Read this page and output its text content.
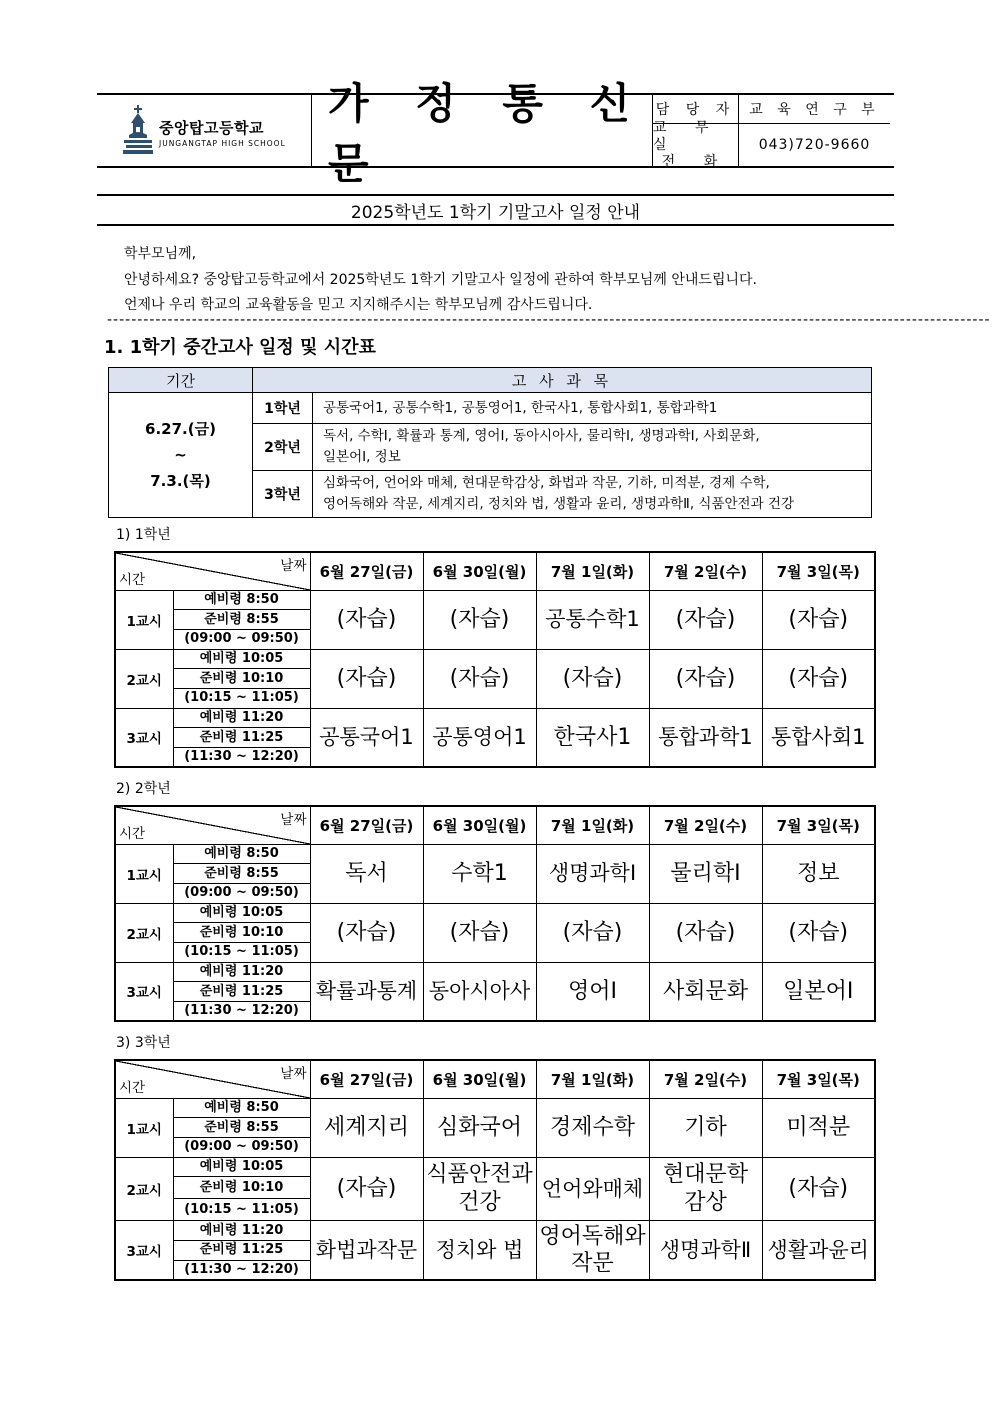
중앙탑고등학교
JUNGANGTAP HIGH SCHOOL
가 정 통 신 문
담 당 자	교 육 연 구 부
교 무 실
전 화
043)720-9660
2025학년도 1학기 기말고사 일정 안내
학부모님께,
안녕하세요? 중앙탑고등학교에서 2025학년도 1학기 기말고사 일정에 관하여 학부모님께 안내드립니다.
언제나 우리 학교의 교육활동을 믿고 지지해주시는 학부모님께 감사드립니다.
--------------------------------------------------------------------------------------------------------------------------------------------------
1. 1학기 중간고사 일정 및 시간표
기간	고 사 과 목	

6.27.(금)
~
7.3.(목)	1학년	공통국어1, 공통수학1, 공통영어1, 한국사1, 통합사회1, 통합과학1

	2학년	독서, 수학Ⅰ, 확률과 통계, 영어Ⅰ, 동아시아사, 물리학Ⅰ, 생명과학Ⅰ, 사회문화,
일본어Ⅰ, 정보

	3학년	심화국어, 언어와 매체, 현대문학감상, 화법과 작문, 기하, 미적분, 경제 수학,
영어독해와 작문, 세계지리, 정치와 법, 생활과 윤리, 생명과학Ⅱ, 식품안전과 건강
1) 1학년
날짜
시간		6월 27일(금)	6월 30일(월)	7월 1일(화)	7월 2일(수)	7월 3일(목)
1교시	예비령 8:50	(자습)	(자습)	공통수학1	(자습)	(자습)
	준비령 8:55					
	(09:00 ~ 09:50)					
2교시	예비령 10:05	(자습)	(자습)	(자습)	(자습)	(자습)
	준비령 10:10					
	(10:15 ~ 11:05)					
3교시	예비령 11:20	공통국어1	공통영어1	한국사1	통합과학1	통합사회1
	준비령 11:25					
	(11:30 ~ 12:20)					
2) 2학년
날짜
시간		6월 27일(금)	6월 30일(월)	7월 1일(화)	7월 2일(수)	7월 3일(목)
1교시	예비령 8:50	독서	수학1	생명과학Ⅰ	물리학Ⅰ	정보
	준비령 8:55					
	(09:00 ~ 09:50)					
2교시	예비령 10:05	(자습)	(자습)	(자습)	(자습)	(자습)
	준비령 10:10					
	(10:15 ~ 11:05)					
3교시	예비령 11:20	확률과통계	동아시아사	영어Ⅰ	사회문화	일본어Ⅰ
	준비령 11:25					
	(11:30 ~ 12:20)					
3) 3학년
날짜
시간		6월 27일(금)	6월 30일(월)	7월 1일(화)	7월 2일(수)	7월 3일(목)
1교시	예비령 8:50	세계지리	심화국어	경제수학	기하	미적분
	준비령 8:55					
	(09:00 ~ 09:50)					
2교시	예비령 10:05	(자습)	식품안전과
건강	언어와매체	현대문학
감상	(자습)
	준비령 10:10					
	(10:15 ~ 11:05)					
3교시	예비령 11:20	화법과작문	정치와 법	영어독해와
작문	생명과학Ⅱ	생활과윤리
	준비령 11:25					
	(11:30 ~ 12:20)					
